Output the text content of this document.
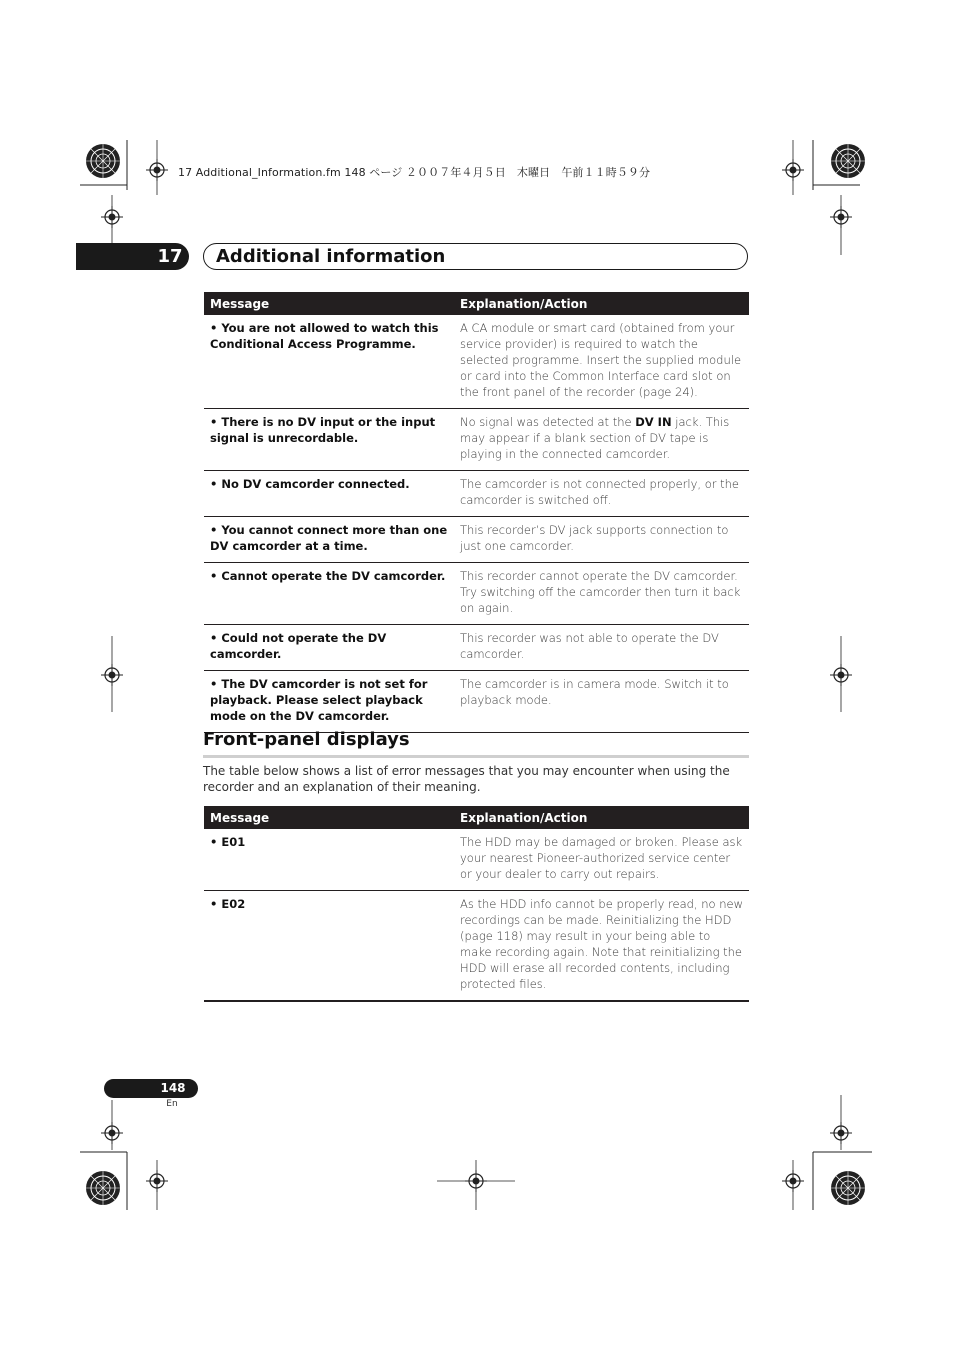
17 Additional_Information.fm 148 ページ ２００７年４月５日　木曜日　午前１１時５９分
17	Additional information
Message	Explanation/Action
• You are not allowed to watch this Conditional Access Programme.	A CA module or smart card (obtained from your service provider) is required to watch the selected programme. Insert the supplied module or card into the Common Interface card slot on the front panel of the recorder (page 24).
• There is no DV input or the input signal is unrecordable.	No signal was detected at the DV IN jack. This may appear if a blank section of DV tape is playing in the connected camcorder.
• No DV camcorder connected.	The camcorder is not connected properly, or the camcorder is switched off.
• You cannot connect more than one DV camcorder at a time.	This recorder’s DV jack supports connection to just one camcorder.
• Cannot operate the DV camcorder.	This recorder cannot operate the DV camcorder. Try switching off the camcorder then turn it back on again.
• Could not operate the DV camcorder.	This recorder was not able to operate the DV camcorder.
• The DV camcorder is not set for playback. Please select playback mode on the DV camcorder.	The camcorder is in camera mode. Switch it to playback mode.
Front-panel displays
The table below shows a list of error messages that you may encounter when using the recorder and an explanation of their meaning.
Message	Explanation/Action
• E01	The HDD may be damaged or broken. Please ask your nearest Pioneer-authorized service center or your dealer to carry out repairs.
• E02	As the HDD info cannot be properly read, no new recordings can be made. Reinitializing the HDD (page 118) may result in your being able to make recording again. Note that reinitializing the HDD will erase all recorded contents, including protected files.
148
En
